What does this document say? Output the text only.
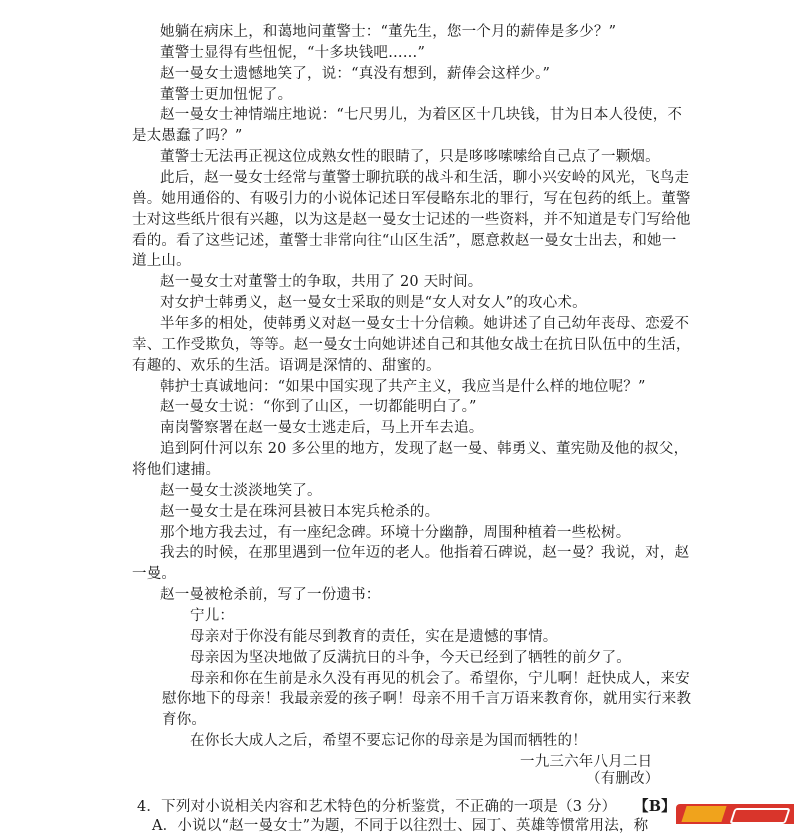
她躺在病床上，和蔼地问董警士：“董先生，您一个月的薪俸是多少？”
董警士显得有些忸怩，“十多块钱吧……”
赵一曼女士遗憾地笑了，说：“真没有想到，薪俸会这样少。”
董警士更加忸怩了。
赵一曼女士神情端庄地说：“七尺男儿，为着区区十几块钱，甘为日本人役使，不
是太愚蠢了吗？”
董警士无法再正视这位成熟女性的眼睛了，只是哆哆嗦嗦给自己点了一颗烟。
此后，赵一曼女士经常与董警士聊抗联的战斗和生活，聊小兴安岭的风光，飞鸟走
兽。她用通俗的、有吸引力的小说体记述日军侵略东北的罪行，写在包药的纸上。董警
士对这些纸片很有兴趣，以为这是赵一曼女士记述的一些资料，并不知道是专门写给他
看的。看了这些记述，董警士非常向往“山区生活”，愿意救赵一曼女士出去，和她一
道上山。
赵一曼女士对董警士的争取，共用了 20 天时间。
对女护士韩勇义，赵一曼女士采取的则是“女人对女人”的攻心术。
半年多的相处，使韩勇义对赵一曼女士十分信赖。她讲述了自己幼年丧母、恋爱不
幸、工作受欺负，等等。赵一曼女士向她讲述自己和其他女战士在抗日队伍中的生活，
有趣的、欢乐的生活。语调是深情的、甜蜜的。
韩护士真诚地问：“如果中国实现了共产主义，我应当是什么样的地位呢？”
赵一曼女士说：“你到了山区，一切都能明白了。”
南岗警察署在赵一曼女士逃走后，马上开车去追。
追到阿什河以东 20 多公里的地方，发现了赵一曼、韩勇义、董宪勋及他的叔父，
将他们逮捕。
赵一曼女士淡淡地笑了。
赵一曼女士是在珠河县被日本宪兵枪杀的。
那个地方我去过，有一座纪念碑。环境十分幽静，周围种植着一些松树。
我去的时候，在那里遇到一位年迈的老人。他指着石碑说，赵一曼？我说，对，赵
一曼。
赵一曼被枪杀前，写了一份遗书：
宁儿：
母亲对于你没有能尽到教育的责任，实在是遗憾的事情。
母亲因为坚决地做了反满抗日的斗争，今天已经到了牺牲的前夕了。
母亲和你在生前是永久没有再见的机会了。希望你，宁儿啊！赶快成人，来安
慰你地下的母亲！我最亲爱的孩子啊！母亲不用千言万语来教育你，就用实行来教
育你。
在你长大成人之后，希望不要忘记你的母亲是为国而牺牲的！
一九三六年八月二日
（有删改）
4．下列对小说相关内容和艺术特色的分析鉴赏，不正确的一项是（3 分） 【B】
A．小说以“赵一曼女士”为题，不同于以往烈士、园丁、英雄等惯常用法，称
